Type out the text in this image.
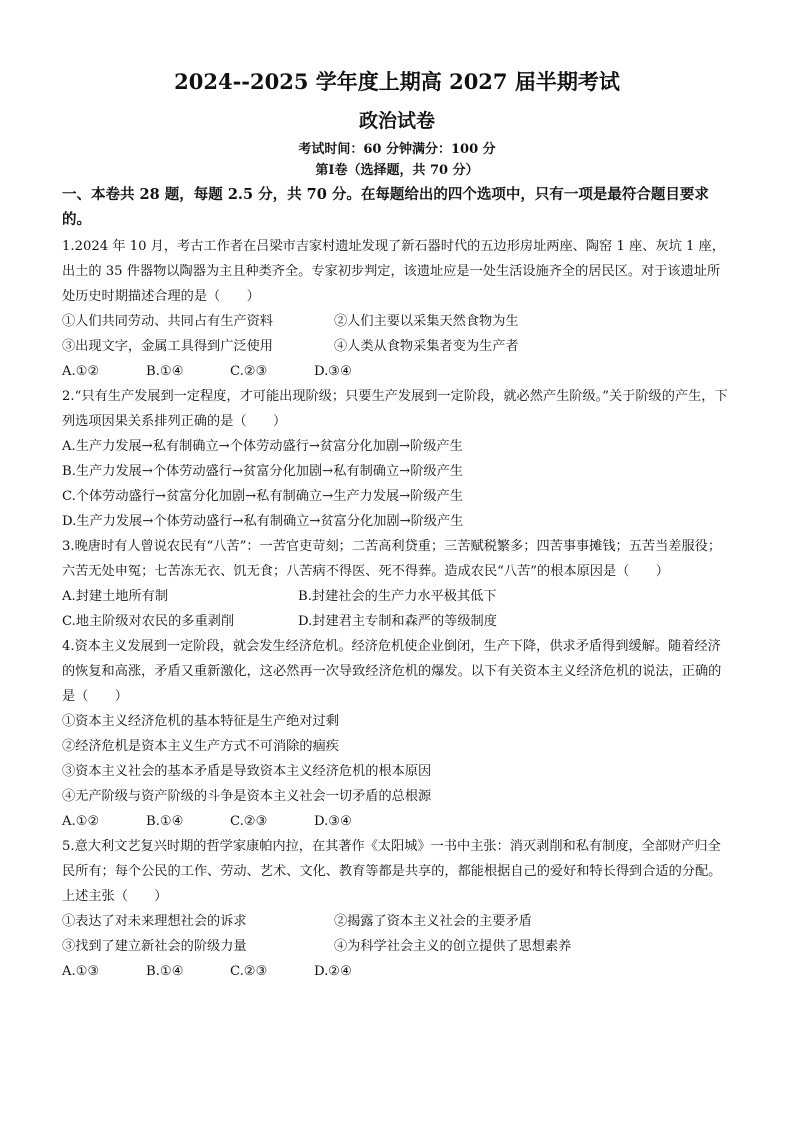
2024--2025 学年度上期高 2027 届半期考试
政治试卷
考试时间：60 分钟满分：100 分
第Ⅰ卷（选择题，共 70 分）
一、本卷共 28 题，每题 2.5 分，共 70 分。在每题给出的四个选项中，只有一项是最符合题目要求的。

1.2024 年 10 月，考古工作者在吕梁市吉家村遗址发现了新石器时代的五边形房址两座、陶窑 1 座、灰坑 1 座，出土的 35 件器物以陶器为主且种类齐全。专家初步判定，该遗址应是一处生活设施齐全的居民区。对于该遗址所处历史时期描述合理的是（　　）

①人们共同劳动、共同占有生产资料	②人们主要以采集天然食物为生
③出现文字，金属工具得到广泛使用	④人类从食物采集者变为生产者
A.①②	B.①④	C.②③	D.③④

2.“只有生产发展到一定程度，才可能出现阶级；只要生产发展到一定阶段，就必然产生阶级。”关于阶级的产生，下列选项因果关系排列正确的是（　　）

A.生产力发展→私有制确立→个体劳动盛行→贫富分化加剧→阶级产生

B.生产力发展→个体劳动盛行→贫富分化加剧→私有制确立→阶级产生

C.个体劳动盛行→贫富分化加剧→私有制确立→生产力发展→阶级产生

D.生产力发展→个体劳动盛行→私有制确立→贫富分化加剧→阶级产生

3.晚唐时有人曾说农民有“八苦”：一苦官吏苛刻；二苦高利贷重；三苦赋税繁多；四苦事事摊钱；五苦当差服役；六苦无处申冤；七苦冻无衣、饥无食；八苦病不得医、死不得葬。造成农民“八苦”的根本原因是（　　）

A.封建土地所有制	B.封建社会的生产力水平极其低下
C.地主阶级对农民的多重剥削	D.封建君主专制和森严的等级制度

4.资本主义发展到一定阶段，就会发生经济危机。经济危机使企业倒闭，生产下降，供求矛盾得到缓解。随着经济的恢复和高涨，矛盾又重新激化，这必然再一次导致经济危机的爆发。以下有关资本主义经济危机的说法，正确的是（　　）

①资本主义经济危机的基本特征是生产绝对过剩

②经济危机是资本主义生产方式不可消除的痼疾

③资本主义社会的基本矛盾是导致资本主义经济危机的根本原因

④无产阶级与资产阶级的斗争是资本主义社会一切矛盾的总根源

A.①②	B.①④	C.②③	D.③④

5.意大利文艺复兴时期的哲学家康帕内拉，在其著作《太阳城》一书中主张：消灭剥削和私有制度，全部财产归全民所有；每个公民的工作、劳动、艺术、文化、教育等都是共享的，都能根据自己的爱好和特长得到合适的分配。上述主张（　　）

①表达了对未来理想社会的诉求	②揭露了资本主义社会的主要矛盾
③找到了建立新社会的阶级力量	④为科学社会主义的创立提供了思想素养
A.①③	B.①④	C.②③	D.②④
